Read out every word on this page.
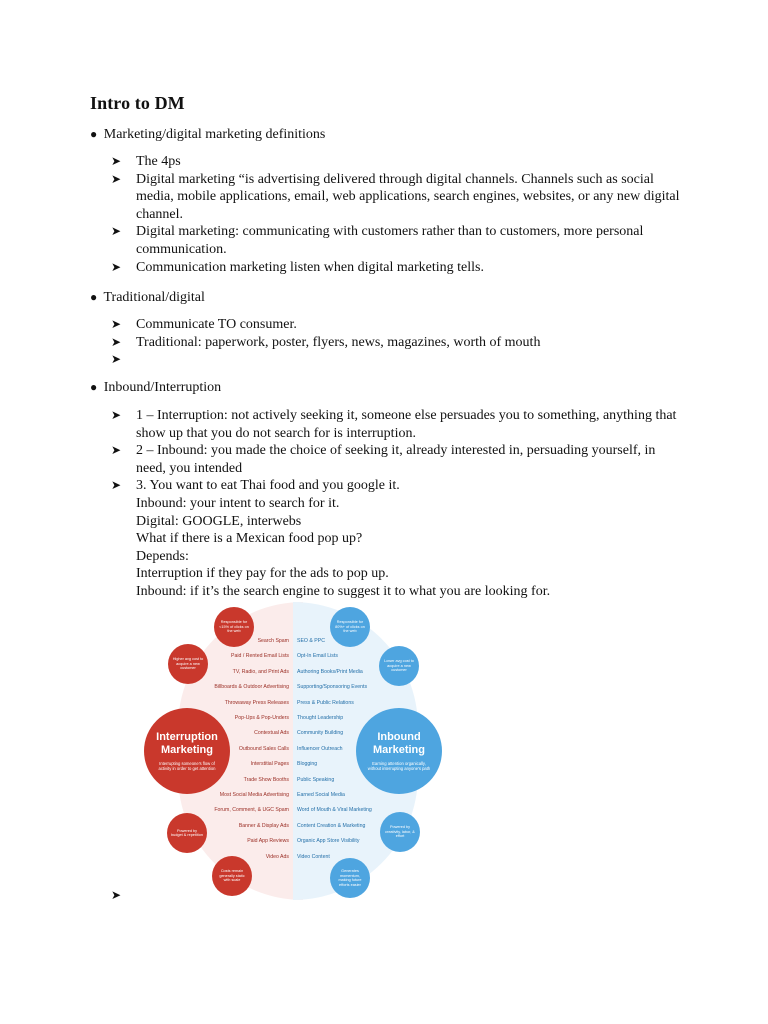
Intro to DM
● Marketing/digital marketing definitions
➤	The 4ps
➤	Digital marketing “is advertising delivered through digital channels. Channels such as social
media, mobile applications, email, web applications, search engines, websites, or any new digital
channel.
➤	Digital marketing: communicating with customers rather than to customers, more personal
communication.
➤	Communication marketing listen when digital marketing tells.
● Traditional/digital
➤	Communicate TO consumer.
➤	Traditional: paperwork, poster, flyers, news, magazines, worth of mouth
➤

● Inbound/Interruption
➤	1 – Interruption: not actively seeking it, someone else persuades you to something, anything that
show up that you do not search for is interruption.
➤	2 – Inbound: you made the choice of seeking it, already interested in, persuading yourself, in
need, you intended
➤	3. You want to eat Thai food and you google it.
Inbound: your intent to search for it.
Digital: GOOGLE, interwebs
What if there is a Mexican food pop up?
Depends:
Interruption if they pay for the ads to pop up.
Inbound: if it’s the search engine to suggest it to what you are looking for.
Search Spam
Paid / Rented Email Lists
TV, Radio, and Print Ads
Billboards & Outdoor Advertising
Throwaway Press Releases
Pop-Ups & Pop-Unders
Contextual Ads
Outbound Sales Calls
Interstitial Pages
Trade Show Booths
Most Social Media Advertising
Forum, Comment, & UGC Spam
Banner & Display Ads
Paid App Reviews
Video Ads
SEO & PPC
Opt-In Email Lists
Authoring Books/Print Media
Supporting/Sponsoring Events
Press & Public Relations
Thought Leadership
Community Building
Influencer Outreach
Blogging
Public Speaking
Earned Social Media
Word of Mouth & Viral Marketing
Content Creation & Marketing
Organic App Store Visibility
Video Content
Interruption
Marketing
Interrupting someone's flow of activity in order to get attention
Inbound
Marketing
Earning attention organically, without interrupting anyone's path
Responsible for <15% of clicks on the web
Higher avg cost to acquire a new customer
Powered by budget & repetition
Costs remain generally static with scale
Responsible for 80%+ of clicks on the web
Lower avg cost to acquire a new customer
Powered by creativity, labor, & effort
Generates momentum, making future efforts easier
➤
